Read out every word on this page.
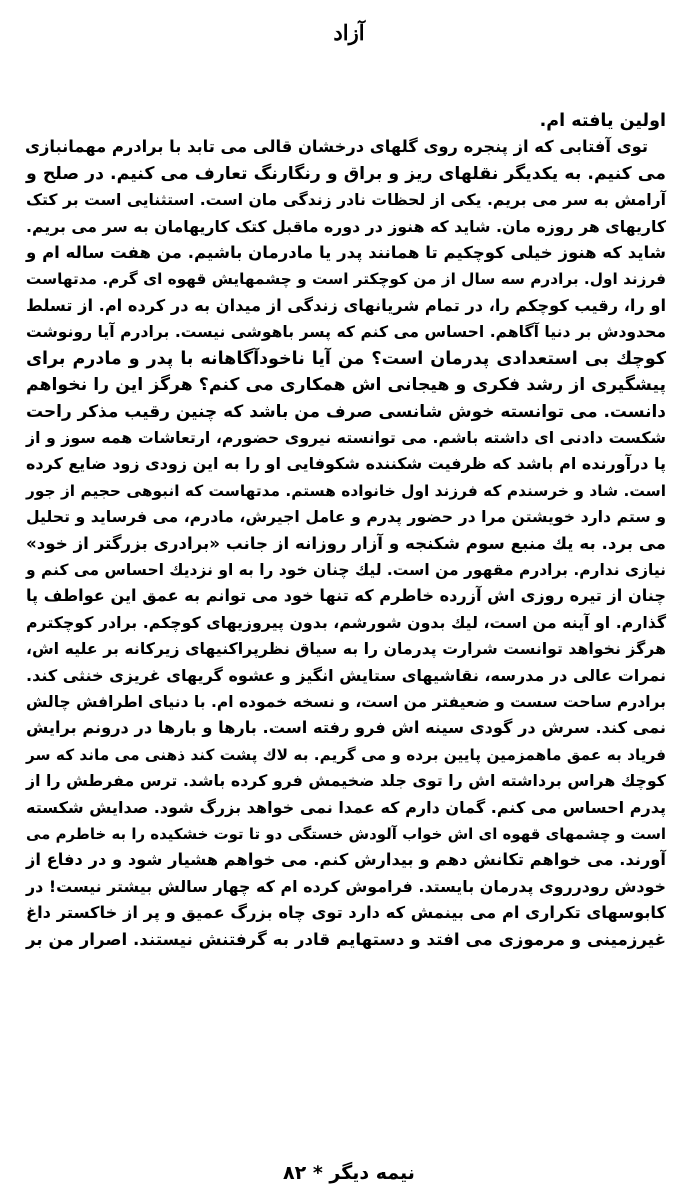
آزاد
اولین یافته ام.
توی آفتابی که از پنجره روی گلهای درخشان قالی می تابد با برادرم مهمانبازی
می کنیم. به یکدیگر نقلهای ریز و براق و رنگارنگ تعارف می کنیم. در صلح و
آرامش به سر می بریم. یکی از لحظات نادر زندگی مان است. استثنایی است بر کتک
کاریهای هر روزه مان. شاید که هنوز در دوره ماقبل کتک کاریهامان به سر می بریم.
شاید که هنوز خیلی کوچکیم تا همانند پدر یا مادرمان باشیم. من هفت ساله ام و
فرزند اول. برادرم سه سال از من کوچکتر است و چشمهایش قهوه ای گرم. مدتهاست
او را، رقیب کوچکم را، در تمام شریانهای زندگی از میدان به در کرده ام. از تسلط
محدودش بر دنیا آگاهم. احساس می کنم که پسر باهوشی نیست. برادرم آیا رونوشت
کوچك بی استعدادی پدرمان است؟ من آیا ناخودآگاهانه با پدر و مادرم برای
پیشگیری از رشد فکری و هیجانی اش همکاری می کنم؟ هرگز این را نخواهم
دانست. می توانسته خوش شانسی صرف من باشد که چنین رقیب مذکر راحت
شکست دادنی ای داشته باشم. می توانسته نیروی حضورم، ارتعاشات همه سوز و از
پا درآورنده ام باشد که ظرفیت شکننده شکوفایی او را به این زودی زود ضایع کرده
است. شاد و خرسندم که فرزند اول خانواده هستم. مدتهاست که انبوهی حجیم از جور
و ستم دارد خویشتن مرا در حضور پدرم و عامل اجیرش، مادرم، می فرساید و تحلیل
می برد. به یك منبع سوم شکنجه و آزار روزانه از جانب «برادری بزرگتر از خود»
نیازی ندارم. برادرم مقهور من است. لیك چنان خود را به او نزدیك احساس می کنم و
چنان از تیره روزی اش آزرده خاطرم که تنها خود می توانم به عمق این عواطف پا
گذارم. او آینه من است، لیك بدون شورشم، بدون پیروزیهای کوچکم. برادر کوچکترم
هرگز نخواهد توانست شرارت پدرمان را به سیاق نظرپراکنیهای زیرکانه بر علیه اش،
نمرات عالی در مدرسه، نقاشیهای ستایش انگیز و عشوه گریهای غریزی خنثی کند.
برادرم ساحت سست و ضعیفتر من است، و نسخه خموده ام. با دنیای اطرافش چالش
نمی کند. سرش در گودی سینه اش فرو رفته است. بارها و بارها در درونم برایش
فریاد به عمق ماهمزمین پایین برده و می گریم. به لاك پشت کند ذهنی می ماند که سر
کوچك هراس برداشته اش را توی جلد ضخیمش فرو کرده باشد. ترس مفرطش را از
پدرم احساس می کنم. گمان دارم که عمدا نمی خواهد بزرگ شود. صدایش شکسته
است و چشمهای قهوه ای اش خواب آلودش خستگی دو تا توت خشکیده را به خاطرم می
آورند. می خواهم تکانش دهم و بیدارش کنم. می خواهم هشیار شود و در دفاع از
خودش رودرروی پدرمان بایستد. فراموش کرده ام که چهار سالش بیشتر نیست! در
کابوسهای تکراری ام می بینمش که دارد توی چاه بزرگ عمیق و پر از خاکستر داغ
غیرزمینی و مرموزی می افتد و دستهایم قادر به گرفتنش نیستند. اصرار من بر
نیمه دیگر * ۸۲
